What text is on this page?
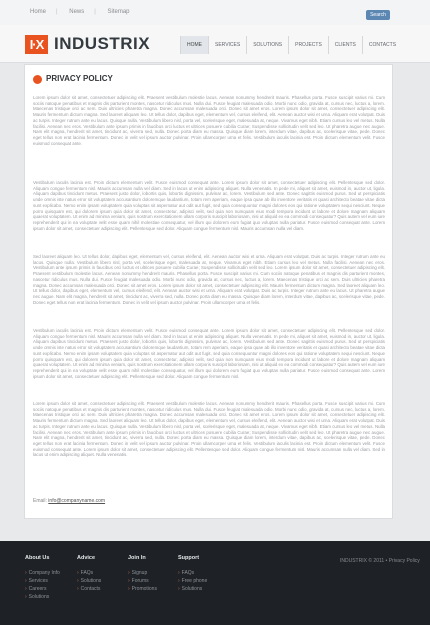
Home | News | Sitemap	Search
I·X INDUSTRIX	HOME	SERVICES	SOLUTIONS	PROJECTS	CLIENTS	CONTACTS
PRIVACY POLICY
Lorem ipsum dolor sit amet, consectetuer adipiscing elit. Praesent vestibulum molestie lacus. Aenean nonummy hendrerit mauris. Phasellus porta. Fusce suscipit varius mi. Cum sociis natoque penatibus et magnis dis parturient montes, nascetur ridiculus mus. Nulla dui. Fusce feugiat malesuada odio. Morbi nunc odio, gravida at, cursus nec, luctus a, lorem. Maecenas tristique orci ac sem. Duis ultricies pharetra magna. Donec accumsan malesuada orci. Donec sit amet eros. Lorem ipsum dolor sit amet, consectetuer adipiscing elit. Mauris fermentum dictum magna. Sed laoreet aliquam leo. Ut tellus dolor, dapibus eget, elementum vel, cursus eleifend, elit. Aenean auctor wisi et urna. Aliquam erat volutpat. Duis ac turpis. Integer rutrum ante eu lacus. Quisque nulla. Vestibulum libero nisl, porta vel, scelerisque eget, malesuada at, neque. Vivamus eget nibh. Etiam cursus leo vel metus. Nulla facilisi. Aenean nec eros. Vestibulum ante ipsum primis in faucibus orci luctus et ultrices posuere cubilia Curae; Suspendisse sollicitudin velit sed leo. Ut pharetra augue nec augue. Nam elit magna, hendrerit sit amet, tincidunt ac, viverra sed, nulla. Donec porta diam eu massa. Quisque diam lorem, interdum vitae, dapibus ac, scelerisque vitae, pede. Donec eget tellus non erat lacinia fermentum. Donec in velit vel ipsum auctor pulvinar. Proin ullamcorper urna et felis. Vestibulum iaculis lacinia est. Proin dictum elementum velit. Fusce euismod consequat ante.
Vestibulum iaculis lacinia est. Proin dictum elementum velit. Fusce euismod consequat ante. Lorem ipsum dolor sit amet, consectetuer adipiscing elit. Pellentesque sed dolor. Aliquam congue fermentum nisl. Mauris accumsan nulla vel diam. Sed in lacus ut enim adipiscing aliquet. Nulla venenatis. In pede mi, aliquet sit amet, euismod in, auctor ut, ligula. Aliquam dapibus tincidunt metus. Praesent justo dolor, lobortis quis, lobortis dignissim, pulvinar ac, lorem. Vestibulum sed ante. Donec sagittis euismod purus. Sed ut perspiciatis unde omnis iste natus error sit voluptatem accusantium doloremque laudantium, totam rem aperiam, eaque ipsa quae ab illo inventore veritatis et quasi architecto beatae vitae dicta sunt explicabo. Nemo enim ipsam voluptatem quia voluptas sit aspernatur aut odit aut fugit, sed quia consequuntur magni dolores eos qui ratione voluptatem sequi nesciunt. Neque porro quisquam est, qui dolorem ipsum quia dolor sit amet, consectetur, adipisci velit, sed quia non numquam eius modi tempora incidunt ut labore et dolore magnam aliquam quaerat voluptatem. Ut enim ad minima veniam, quis nostrum exercitationem ullam corporis suscipit laboriosam, nisi ut aliquid ex ea commodi consequatur? Quis autem vel eum iure reprehenderit qui in ea voluptate velit esse quam nihil molestiae consequatur, vel illum qui dolorem eum fugiat quo voluptas nulla pariatur. Fusce euismod consequat ante. Lorem ipsum dolor sit amet, consectetuer adipiscing elit. Pellentesque sed dolor. Aliquam congue fermentum nisl. Mauris accumsan nulla vel diam.
Sed laoreet aliquam leo. Ut tellus dolor, dapibus eget, elementum vel, cursus eleifend, elit. Aenean auctor wisi et urna. Aliquam erat volutpat. Duis ac turpis. Integer rutrum ante eu lacus. Quisque nulla. Vestibulum libero nisl, porta vel, scelerisque eget, malesuada at, neque. Vivamus eget nibh. Etiam cursus leo vel metus. Nulla facilisi. Aenean nec eros. Vestibulum ante ipsum primis in faucibus orci luctus et ultrices posuere cubilia Curae; Suspendisse sollicitudin velit sed leo. Lorem ipsum dolor sit amet, consectetuer adipiscing elit. Praesent vestibulum molestie lacus. Aenean nonummy hendrerit mauris. Phasellus porta. Fusce suscipit varius mi. Cum sociis natoque penatibus et magnis dis parturient montes, nascetur ridiculus mus. Nulla dui. Fusce feugiat malesuada odio. Morbi nunc odio, gravida at, cursus nec, luctus a, lorem. Maecenas tristique orci ac sem. Duis ultricies pharetra magna. Donec accumsan malesuada orci. Donec sit amet eros. Lorem ipsum dolor sit amet, consectetuer adipiscing elit. Mauris fermentum dictum magna. Sed laoreet aliquam leo. Ut tellus dolor, dapibus eget, elementum vel, cursus eleifend, elit. Aenean auctor wisi et urna. Aliquam erat volutpat. Duis ac turpis. Integer rutrum ante eu lacus. Ut pharetra augue nec augue. Nam elit magna, hendrerit sit amet, tincidunt ac, viverra sed, nulla. Donec porta diam eu massa. Quisque diam lorem, interdum vitae, dapibus ac, scelerisque vitae, pede. Donec eget tellus non erat lacinia fermentum. Donec in velit vel ipsum auctor pulvinar. Proin ullamcorper urna et felis.
Vestibulum iaculis lacinia est. Proin dictum elementum velit. Fusce euismod consequat ante. Lorem ipsum dolor sit amet, consectetuer adipiscing elit. Pellentesque sed dolor. Aliquam congue fermentum nisl. Mauris accumsan nulla vel diam. Sed in lacus ut enim adipiscing aliquet. Nulla venenatis. In pede mi, aliquet sit amet, euismod in, auctor ut, ligula. Aliquam dapibus tincidunt metus. Praesent justo dolor, lobortis quis, lobortis dignissim, pulvinar ac, lorem. Vestibulum sed ante. Donec sagittis euismod purus. Sed ut perspiciatis unde omnis iste natus error sit voluptatem accusantium doloremque laudantium, totam rem aperiam, eaque ipsa quae ab illo inventore veritatis et quasi architecto beatae vitae dicta sunt explicabo. Nemo enim ipsam voluptatem quia voluptas sit aspernatur aut odit aut fugit, sed quia consequuntur magni dolores eos qui ratione voluptatem sequi nesciunt. Neque porro quisquam est, qui dolorem ipsum quia dolor sit amet, consectetur, adipisci velit, sed quia non numquam eius modi tempora incidunt ut labore et dolore magnam aliquam quaerat voluptatem. Ut enim ad minima veniam, quis nostrum exercitationem ullam corporis suscipit laboriosam, nisi ut aliquid ex ea commodi consequatur? Quis autem vel eum iure reprehenderit qui in ea voluptate velit esse quam nihil molestiae consequatur, vel illum qui dolorem eum fugiat quo voluptas nulla pariatur. Fusce euismod consequat ante. Lorem ipsum dolor sit amet, consectetuer adipiscing elit. Pellentesque sed dolor. Aliquam congue fermentum nisl.
Lorem ipsum dolor sit amet, consectetuer adipiscing elit. Praesent vestibulum molestie lacus. Aenean nonummy hendrerit mauris. Phasellus porta. Fusce suscipit varius mi. Cum sociis natoque penatibus et magnis dis parturient montes, nascetur ridiculus mus. Nulla dui. Fusce feugiat malesuada odio. Morbi nunc odio, gravida at, cursus nec, luctus a, lorem. Maecenas tristique orci ac sem. Duis ultricies pharetra magna. Donec accumsan malesuada orci. Donec sit amet eros. Lorem ipsum dolor sit amet, consectetuer adipiscing elit. Mauris fermentum dictum magna. Sed laoreet aliquam leo. Ut tellus dolor, dapibus eget, elementum vel, cursus eleifend, elit. Aenean auctor wisi et urna. Aliquam erat volutpat. Duis ac turpis. Integer rutrum ante eu lacus. Quisque nulla. Vestibulum libero nisl, porta vel, scelerisque eget, malesuada at, neque. Vivamus eget nibh. Etiam cursus leo vel metus. Nulla facilisi. Aenean nec eros. Vestibulum ante ipsum primis in faucibus orci luctus et ultrices posuere cubilia Curae; Suspendisse sollicitudin velit sed leo. Ut pharetra augue nec augue. Nam elit magna, hendrerit sit amet, tincidunt ac, viverra sed, nulla. Donec porta diam eu massa. Quisque diam lorem, interdum vitae, dapibus ac, scelerisque vitae, pede. Donec eget tellus non erat lacinia fermentum. Donec in velit vel ipsum auctor pulvinar. Proin ullamcorper urna et felis. Vestibulum iaculis lacinia est. Proin dictum elementum velit. Fusce euismod consequat ante. Lorem ipsum dolor sit amet, consectetuer adipiscing elit. Pellentesque sed dolor. Aliquam congue fermentum nisl. Mauris accumsan nulla vel diam. Sed in lacus ut enim adipiscing aliquet. Nulla venenatis.
Email: info@companyname.com
About Us
› Company Info
› Services
› Careers
› Solutions
Advice
› FAQs
› Solutions
› Contacts
Join In
› Signup
› Forums
› Promotions
Support
› FAQs
› Free phone
› Solutions
INDUSTRIX © 2011 • Privacy Policy
